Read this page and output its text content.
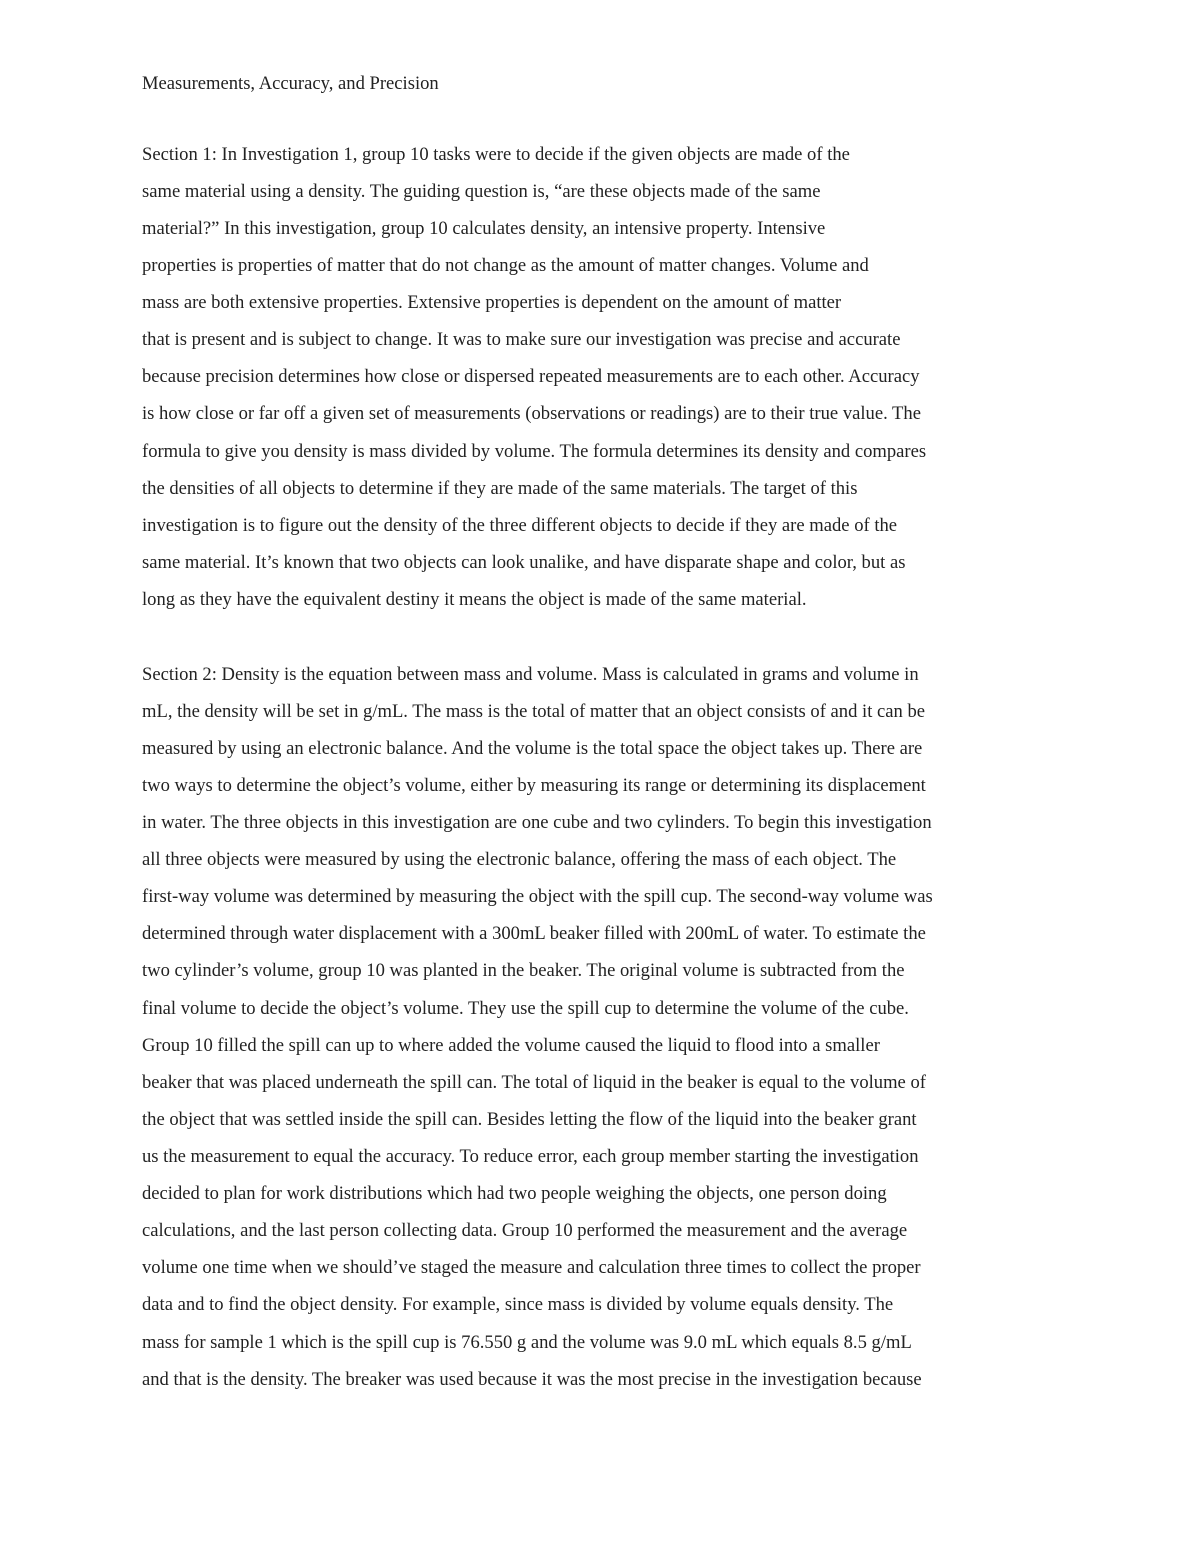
Measurements, Accuracy, and Precision

Section 1: In Investigation 1, group 10 tasks were to decide if the given objects are made of the

same material using a density. The guiding question is, “are these objects made of the same

material?” In this investigation, group 10 calculates density, an intensive property. Intensive

properties is properties of matter that do not change as the amount of matter changes. Volume and

mass are both extensive properties. Extensive properties is dependent on the amount of matter

that is present and is subject to change. It was to make sure our investigation was precise and accurate

because precision determines how close or dispersed repeated measurements are to each other. Accuracy

is how close or far off a given set of measurements (observations or readings) are to their true value. The

formula to give you density is mass divided by volume. The formula determines its density and compares

the densities of all objects to determine if they are made of the same materials. The target of this

investigation is to figure out the density of the three different objects to decide if they are made of the

same material. It’s known that two objects can look unalike, and have disparate shape and color, but as

long as they have the equivalent destiny it means the object is made of the same material.

Section 2: Density is the equation between mass and volume. Mass is calculated in grams and volume in

mL, the density will be set in g/mL. The mass is the total of matter that an object consists of and it can be

measured by using an electronic balance. And the volume is the total space the object takes up. There are

two ways to determine the object’s volume, either by measuring its range or determining its displacement

in water. The three objects in this investigation are one cube and two cylinders. To begin this investigation

all three objects were measured by using the electronic balance, offering the mass of each object. The

first-way volume was determined by measuring the object with the spill cup. The second-way volume was

determined through water displacement with a 300mL beaker filled with 200mL of water. To estimate the

two cylinder’s volume, group 10 was planted in the beaker. The original volume is subtracted from the

final volume to decide the object’s volume. They use the spill cup to determine the volume of the cube.

Group 10 filled the spill can up to where added the volume caused the liquid to flood into a smaller

beaker that was placed underneath the spill can. The total of liquid in the beaker is equal to the volume of

the object that was settled inside the spill can. Besides letting the flow of the liquid into the beaker grant

us the measurement to equal the accuracy. To reduce error, each group member starting the investigation

decided to plan for work distributions which had two people weighing the objects, one person doing

calculations, and the last person collecting data. Group 10 performed the measurement and the average

volume one time when we should’ve staged the measure and calculation three times to collect the proper

data and to find the object density. For example, since mass is divided by volume equals density. The

mass for sample 1 which is the spill cup is 76.550 g and the volume was 9.0 mL which equals 8.5 g/mL

and that is the density. The breaker was used because it was the most precise in the investigation because
